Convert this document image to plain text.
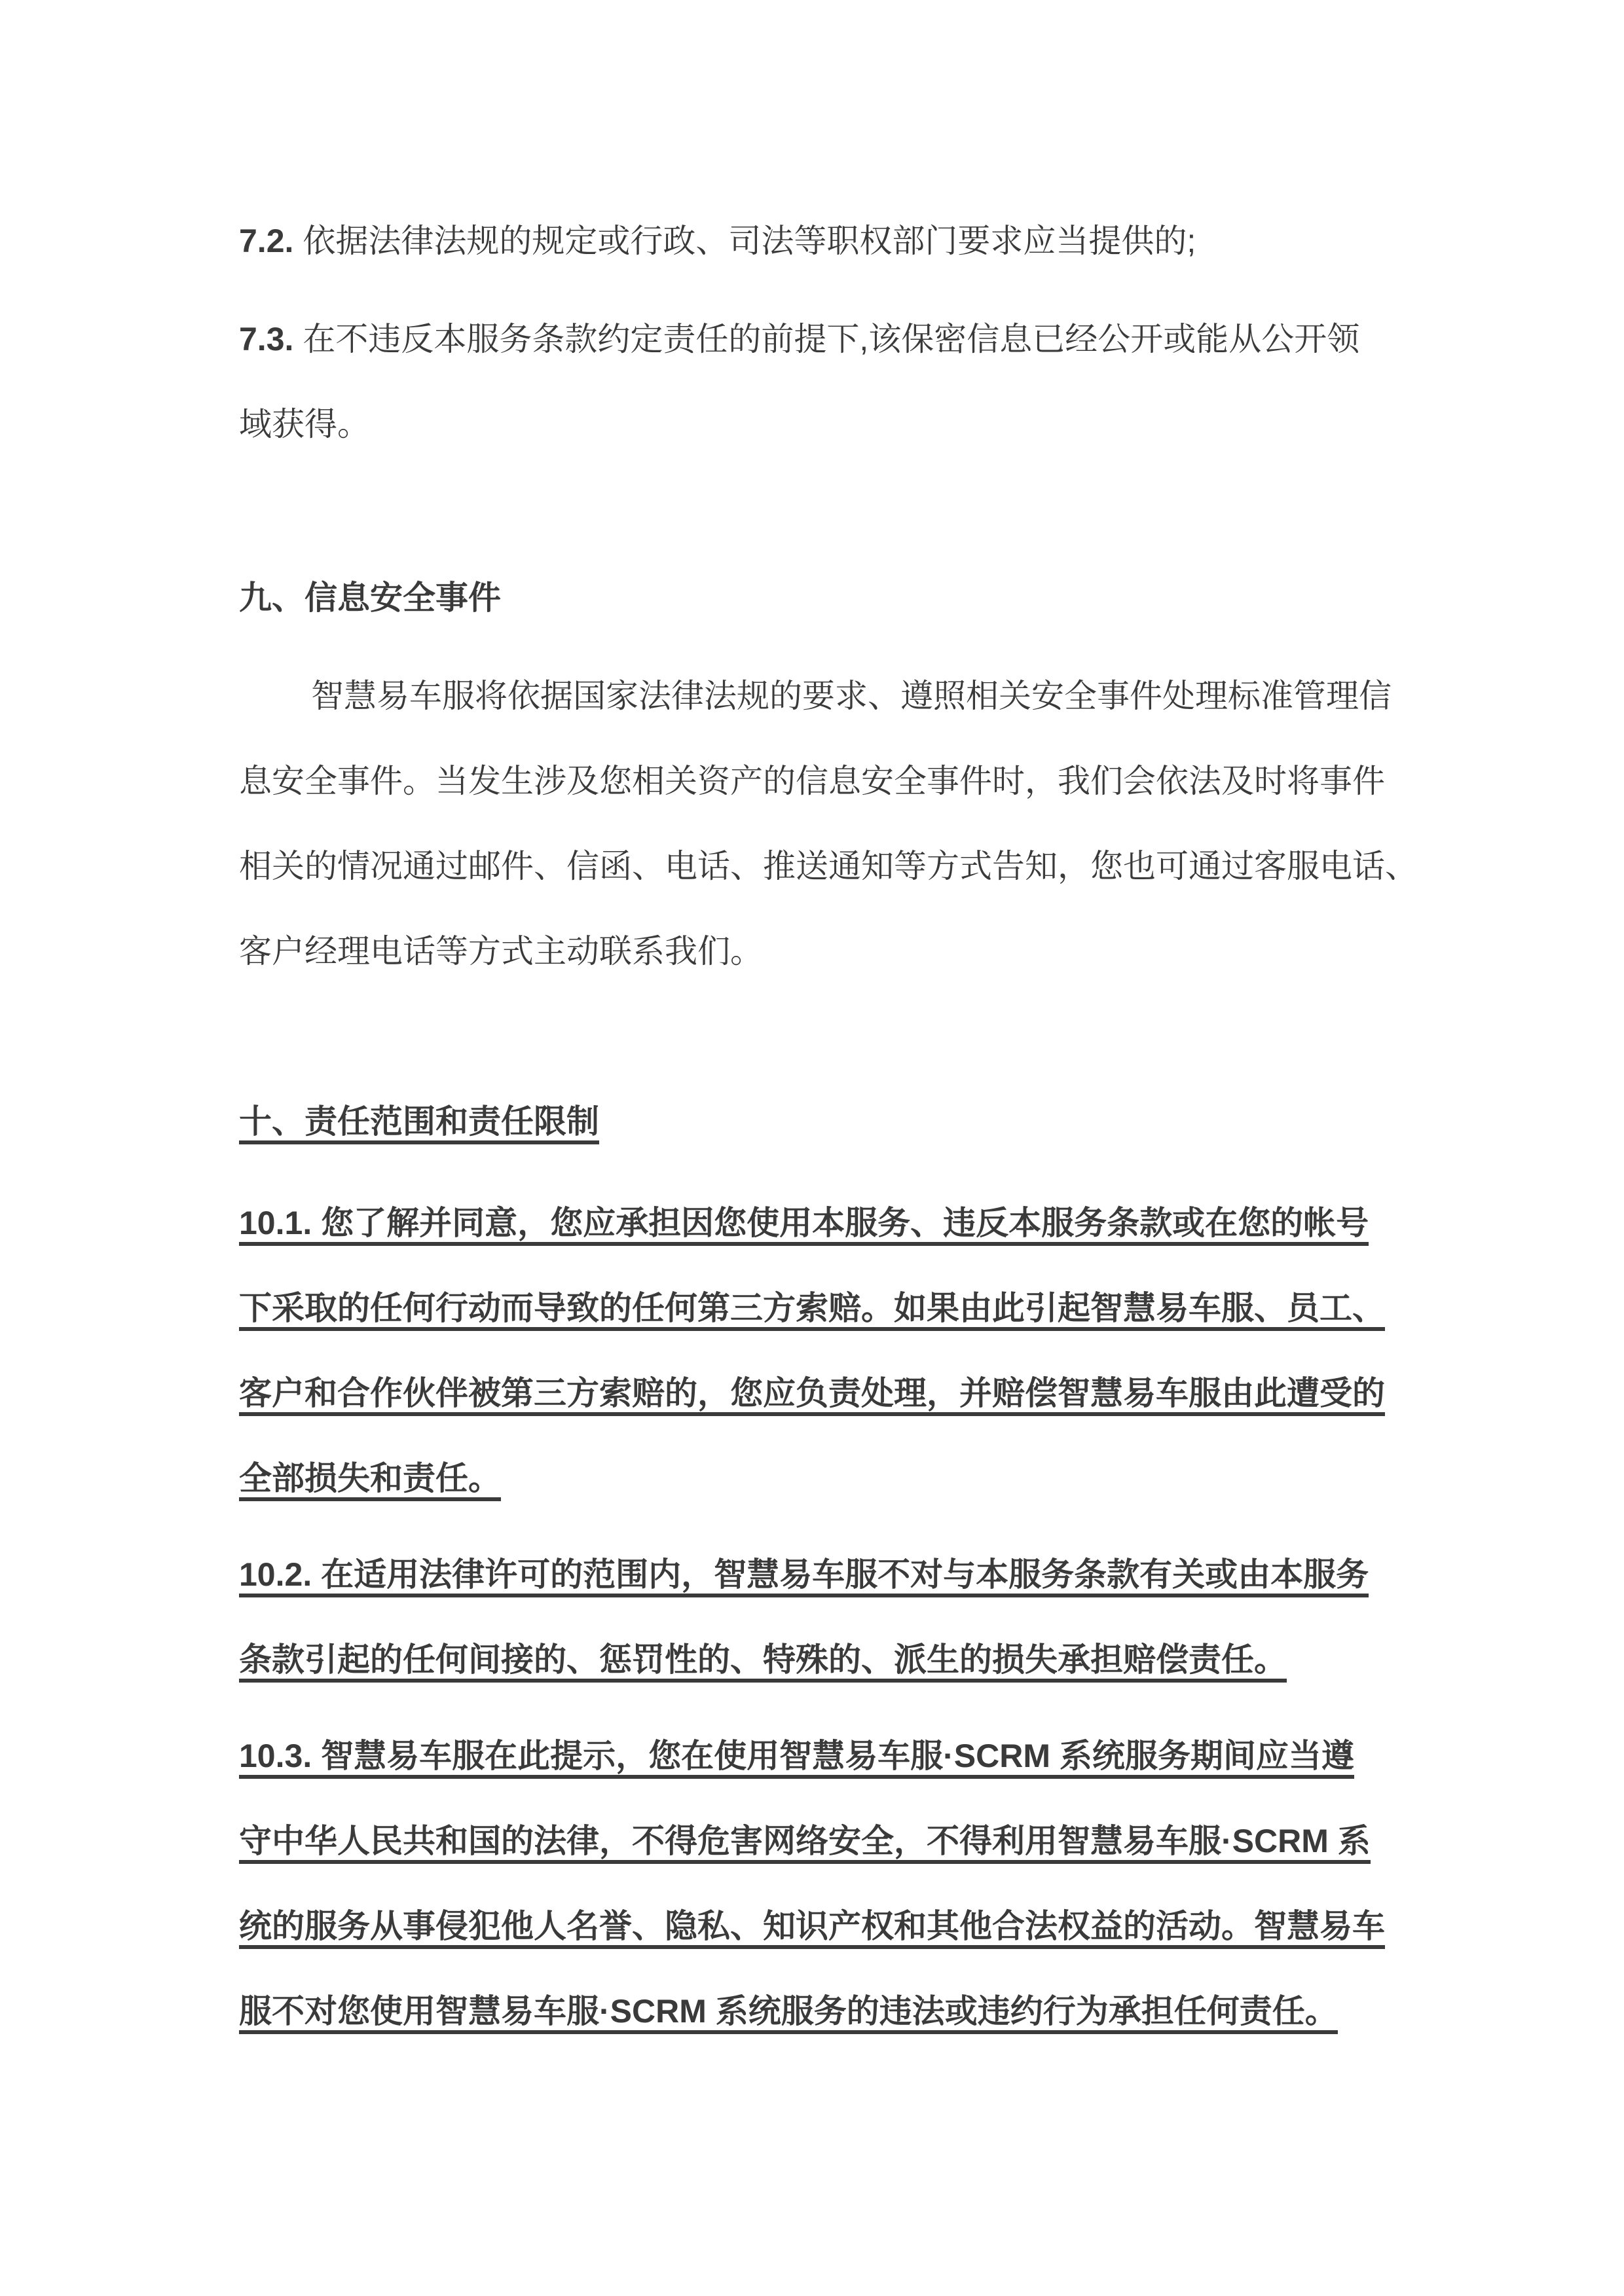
7.2. 依据法律法规的规定或行政、司法等职权部门要求应当提供的;
7.3. 在不违反本服务条款约定责任的前提下,该保密信息已经公开或能从公开领
域获得。
九、信息安全事件
智慧易车服将依据国家法律法规的要求、遵照相关安全事件处理标准管理信
息安全事件。当发生涉及您相关资产的信息安全事件时，我们会依法及时将事件
相关的情况通过邮件、信函、电话、推送通知等方式告知，您也可通过客服电话、
客户经理电话等方式主动联系我们。
十、责任范围和责任限制
10.1. 您了解并同意，您应承担因您使用本服务、违反本服务条款或在您的帐号
下采取的任何行动而导致的任何第三方索赔。如果由此引起智慧易车服、员工、
客户和合作伙伴被第三方索赔的，您应负责处理，并赔偿智慧易车服由此遭受的
全部损失和责任。
10.2. 在适用法律许可的范围内，智慧易车服不对与本服务条款有关或由本服务
条款引起的任何间接的、惩罚性的、特殊的、派生的损失承担赔偿责任。
10.3. 智慧易车服在此提示，您在使用智慧易车服·SCRM 系统服务期间应当遵
守中华人民共和国的法律，不得危害网络安全，不得利用智慧易车服·SCRM 系
统的服务从事侵犯他人名誉、隐私、知识产权和其他合法权益的活动。智慧易车
服不对您使用智慧易车服·SCRM 系统服务的违法或违约行为承担任何责任。
